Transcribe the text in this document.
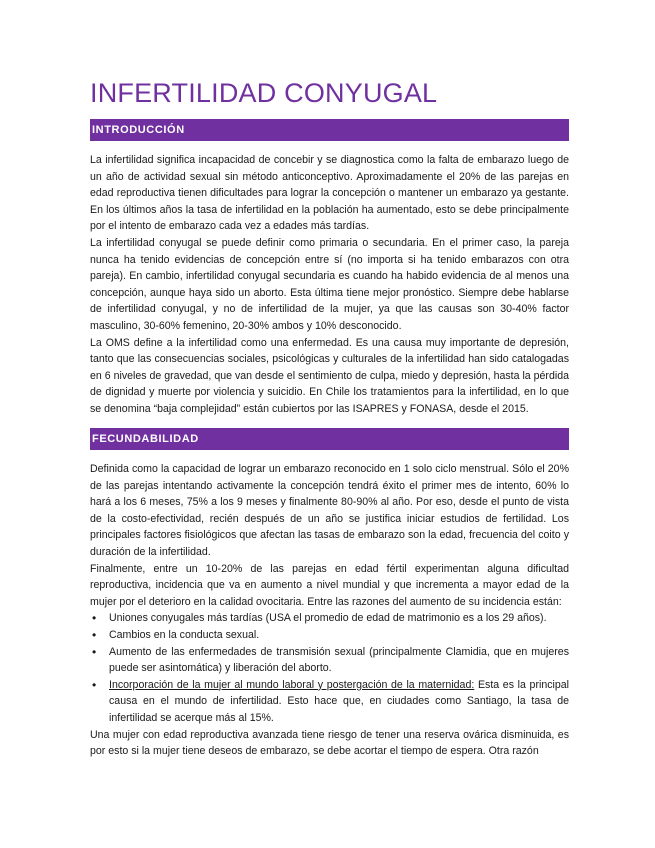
INFERTILIDAD CONYUGAL
INTRODUCCIÓN

La infertilidad significa incapacidad de concebir y se diagnostica como la falta de embarazo luego de un año de actividad sexual sin método anticonceptivo. Aproximadamente el 20% de las parejas en edad reproductiva tienen dificultades para lograr la concepción o mantener un embarazo ya gestante. En los últimos años la tasa de infertilidad en la población ha aumentado, esto se debe principalmente por el intento de embarazo cada vez a edades más tardías.

La infertilidad conyugal se puede definir como primaria o secundaria. En el primer caso, la pareja nunca ha tenido evidencias de concepción entre sí (no importa si ha tenido embarazos con otra pareja). En cambio, infertilidad conyugal secundaria es cuando ha habido evidencia de al menos una concepción, aunque haya sido un aborto. Esta última tiene mejor pronóstico. Siempre debe hablarse de infertilidad conyugal, y no de infertilidad de la mujer, ya que las causas son 30-40% factor masculino, 30-60% femenino, 20-30% ambos y 10% desconocido.

La OMS define a la infertilidad como una enfermedad. Es una causa muy importante de depresión, tanto que las consecuencias sociales, psicológicas y culturales de la infertilidad han sido catalogadas en 6 niveles de gravedad, que van desde el sentimiento de culpa, miedo y depresión, hasta la pérdida de dignidad y muerte por violencia y suicidio. En Chile los tratamientos para la infertilidad, en lo que se denomina “baja complejidad” están cubiertos por las ISAPRES y FONASA, desde el 2015.

FECUNDABILIDAD

Definida como la capacidad de lograr un embarazo reconocido en 1 solo ciclo menstrual. Sólo el 20% de las parejas intentando activamente la concepción tendrá éxito el primer mes de intento, 60% lo hará a los 6 meses, 75% a los 9 meses y finalmente 80-90% al año. Por eso, desde el punto de vista de la costo-efectividad, recién después de un año se justifica iniciar estudios de fertilidad. Los principales factores fisiológicos que afectan las tasas de embarazo son la edad, frecuencia del coito y duración de la infertilidad.

Finalmente, entre un 10-20% de las parejas en edad fértil experimentan alguna dificultad reproductiva, incidencia que va en aumento a nivel mundial y que incrementa a mayor edad de la mujer por el deterioro en la calidad ovocitaria. Entre las razones del aumento de su incidencia están:

• Uniones conyugales más tardías (USA el promedio de edad de matrimonio es a los 29 años).
• Cambios en la conducta sexual.
• Aumento de las enfermedades de transmisión sexual (principalmente Clamidia, que en mujeres puede ser asintomática) y liberación del aborto.
• Incorporación de la mujer al mundo laboral y postergación de la maternidad: Esta es la principal causa en el mundo de infertilidad. Esto hace que, en ciudades como Santiago, la tasa de infertilidad se acerque más al 15%.

Una mujer con edad reproductiva avanzada tiene riesgo de tener una reserva ovárica disminuida, es por esto si la mujer tiene deseos de embarazo, se debe acortar el tiempo de espera. Otra razón
